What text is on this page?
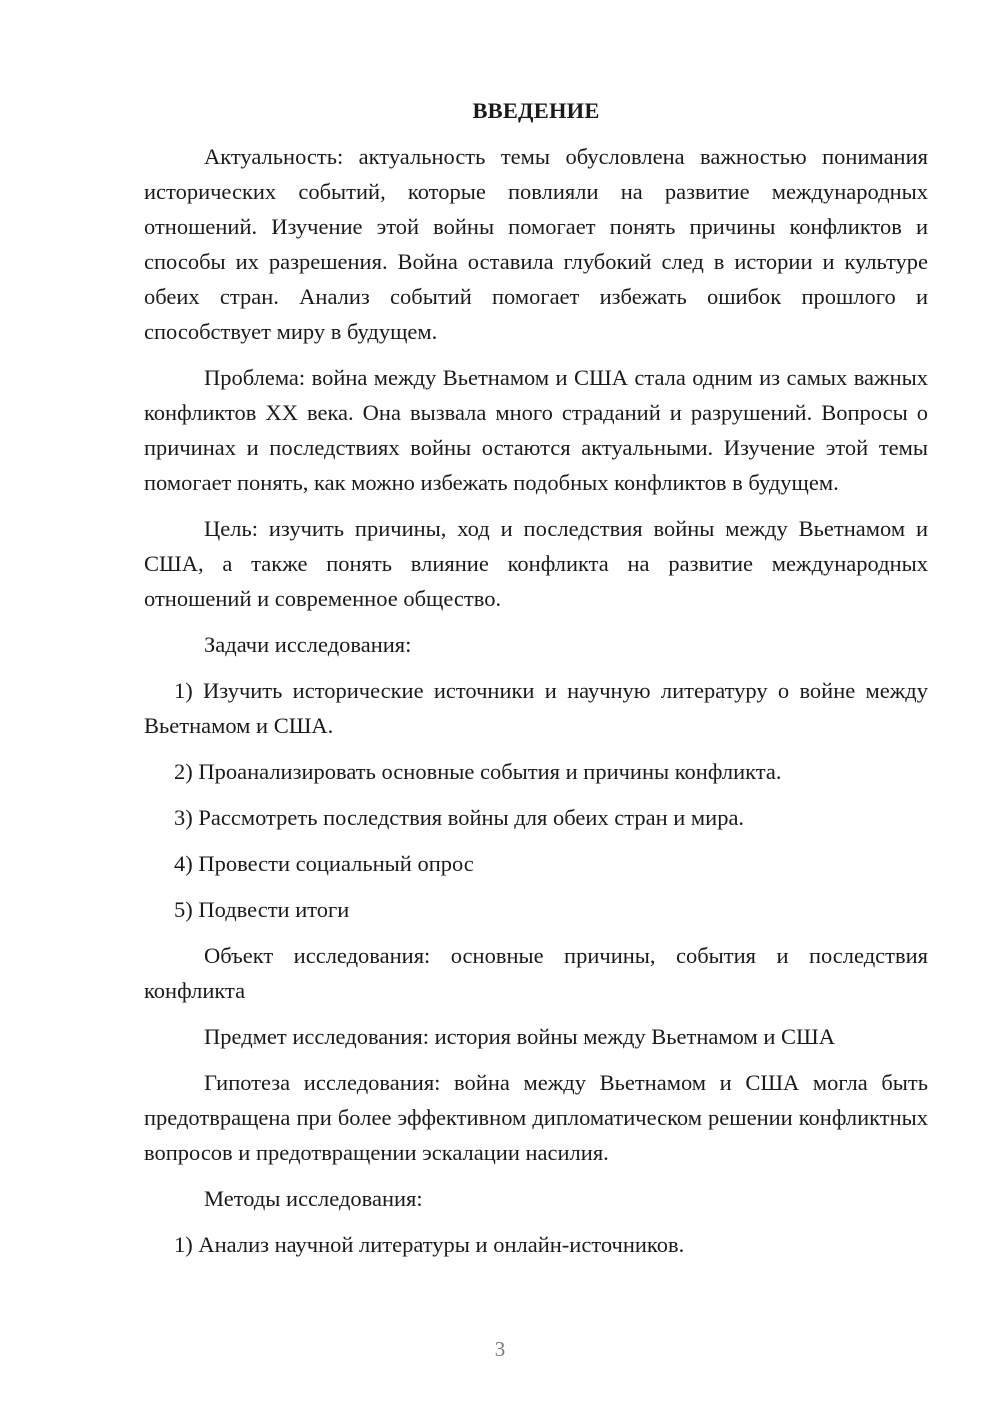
ВВЕДЕНИЕ

Актуальность: актуальность темы обусловлена важностью понимания исторических событий, которые повлияли на развитие международных отношений. Изучение этой войны помогает понять причины конфликтов и способы их разрешения. Война оставила глубокий след в истории и культуре обеих стран. Анализ событий помогает избежать ошибок прошлого и способствует миру в будущем.

Проблема: война между Вьетнамом и США стала одним из самых важных конфликтов XX века. Она вызвала много страданий и разрушений. Вопросы о причинах и последствиях войны остаются актуальными. Изучение этой темы помогает понять, как можно избежать подобных конфликтов в будущем.

Цель: изучить причины, ход и последствия войны между Вьетнамом и США, а также понять влияние конфликта на развитие международных отношений и современное общество.

Задачи исследования:

1) Изучить исторические источники и научную литературу о войне между Вьетнамом и США.

2) Проанализировать основные события и причины конфликта.

3) Рассмотреть последствия войны для обеих стран и мира.

4) Провести социальный опрос

5) Подвести итоги

Объект исследования: основные причины, события и последствия конфликта

Предмет исследования: история войны между Вьетнамом и США

Гипотеза исследования: война между Вьетнамом и США могла быть предотвращена при более эффективном дипломатическом решении конфликтных вопросов и предотвращении эскалации насилия.

Методы исследования:

1) Анализ научной литературы и онлайн-источников.

3
